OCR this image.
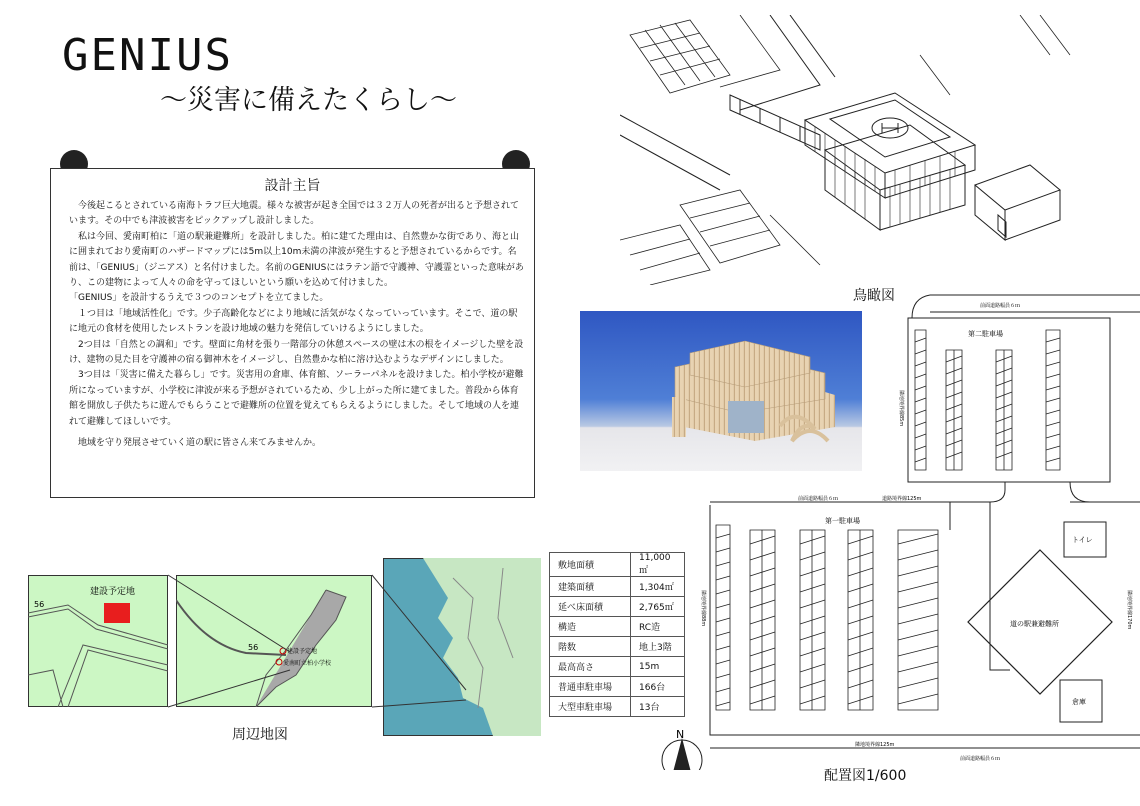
GENIUS
～災害に備えたくらし～
設計主旨

　今後起こるとされている南海トラフ巨大地震。様々な被害が起き全国では３２万人の死者が出ると予想されています。その中でも津波被害をピックアップし設計しました。

　私は今回、愛南町柏に「道の駅兼避難所」を設計しました。柏に建てた理由は、自然豊かな街であり、海と山に囲まれており愛南町のハザードマップには5m以上10m未満の津波が発生すると予想されているからです。名前は、「GENIUS」（ジニアス）と名付けました。名前のGENIUSにはラテン語で守護神、守護霊といった意味があり、この建物によって人々の命を守ってほしいという願いを込めて付けました。

「GENIUS」を設計するうえで３つのコンセプトを立てました。

　１つ目は「地域活性化」です。少子高齢化などにより地域に活気がなくなっていっています。そこで、道の駅に地元の食材を使用したレストランを設け地域の魅力を発信していけるようにしました。

　2つ目は「自然との調和」です。壁面に角材を張り一階部分の休憩スペースの壁は木の根をイメージした壁を設け、建物の見た目を守護神の宿る御神木をイメージし、自然豊かな柏に溶け込むようなデザインにしました。

　3つ目は「災害に備えた暮らし」です。災害用の倉庫、体育館、ソーラーパネルを設けました。柏小学校が避難所になっていますが、小学校に津波が来る予想がされているため、少し上がった所に建てました。普段から体育館を開放し子供たちに遊んでもらうことで避難所の位置を覚えてもらえるようにしました。そして地域の人を連れて避難してほしいです。

　地域を守り発展させていく道の駅に皆さん来てみませんか。

鳥瞰図
建設予定地
56
56	建設予定地
愛南町立柏小学校
周辺地図
敷地面積	11,000㎡
建築面積	1,304㎡
延べ床面積	2,765㎡
構造	RC造
階数	地上3階
最高高さ	15m
普通車駐車場	166台
大型車駐車場	13台
第二駐車場
第一駐車場
道の駅兼避難所
トイレ
倉庫
前面道路幅員６ｍ
前面道路幅員６ｍ	道路境界線125m
隣地境界線125m
前面道路幅員６ｍ
隣地境界線85m
隣地境界線88m	隣地境界線170m
N
配置図1/600
